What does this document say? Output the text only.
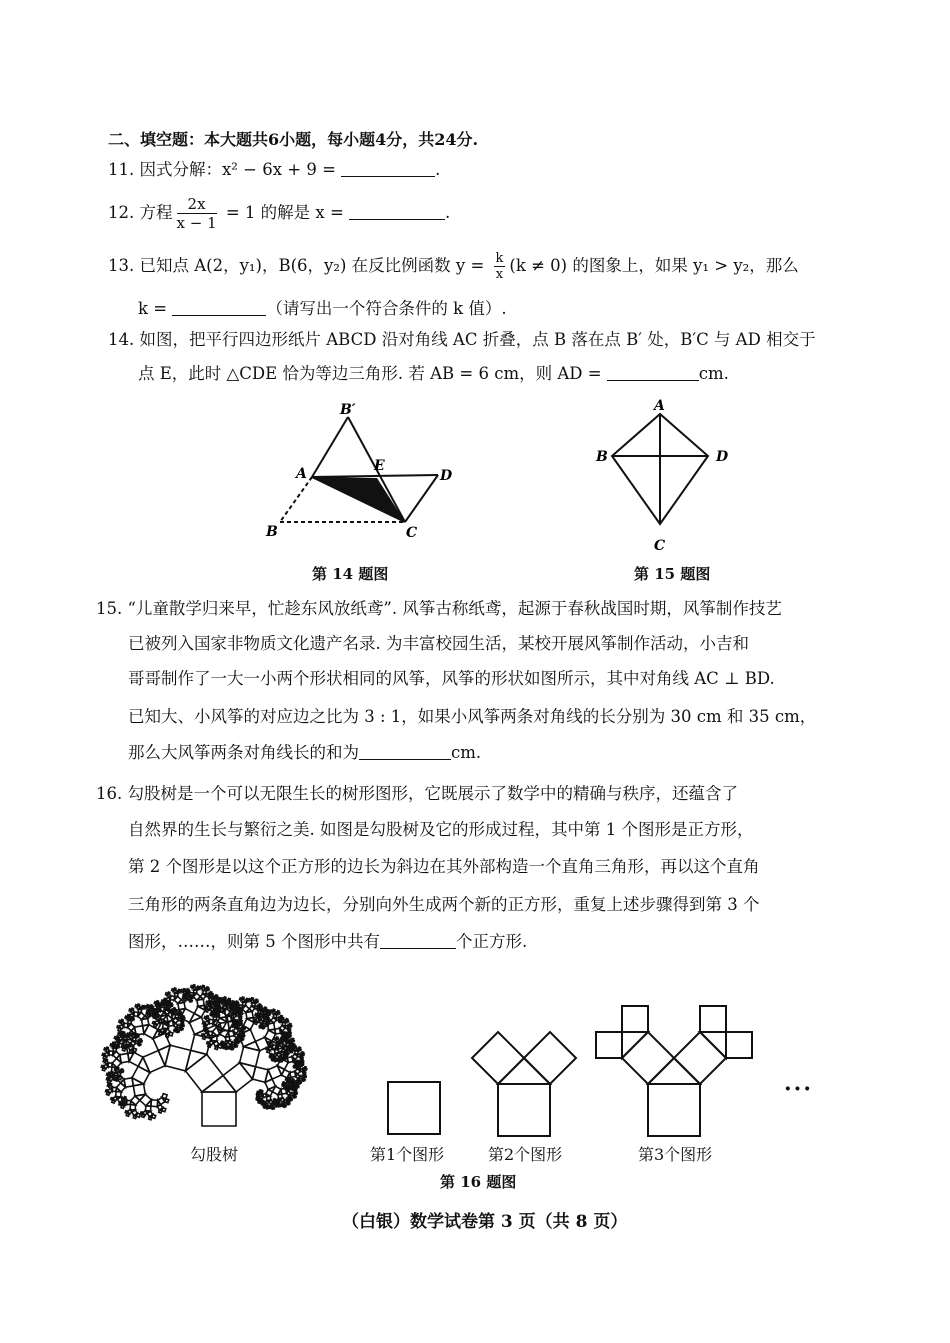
二、填空题：本大题共6小题，每小题4分，共24分.
11. 因式分解：x² − 6x + 9 =	.
12. 方程 $\frac{2x}{x - 1} = 1$ 的解是 x =	.
13. 已知点 A(2，y₁)，B(6，y₂) 在反比例函数 $y = \frac{k}{x} (k \ne 0)$ 的图象上，如果 y₁ > y₂，那么
k =	（请写出一个符合条件的 k 值）.
14. 如图，把平行四边形纸片 ABCD 沿对角线 AC 折叠，点 B 落在点 B′ 处，B′C 与 AD 相交于
点 E，此时 △CDE 恰为等边三角形. 若 AB = 6 cm，则 AD =	cm.
B′
A	E
D
B	C
第 14 题图
A
B	D
C
第 15 题图
15. “儿童散学归来早，忙趁东风放纸鸢”. 风筝古称纸鸢，起源于春秋战国时期，风筝制作技艺
已被列入国家非物质文化遗产名录. 为丰富校园生活，某校开展风筝制作活动，小吉和
哥哥制作了一大一小两个形状相同的风筝，风筝的形状如图所示，其中对角线 AC ⊥ BD.
已知大、小风筝的对应边之比为 3 : 1，如果小风筝两条对角线的长分别为 30 cm 和 35 cm，
那么大风筝两条对角线长的和为	cm.
16. 勾股树是一个可以无限生长的树形图形，它既展示了数学中的精确与秩序，还蕴含了
自然界的生长与繁衍之美. 如图是勾股树及它的形成过程，其中第 1 个图形是正方形，
第 2 个图形是以这个正方形的边长为斜边在其外部构造一个直角三角形，再以这个直角
三角形的两条直角边为边长，分别向外生成两个新的正方形，重复上述步骤得到第 3 个
图形，……，则第 5 个图形中共有	个正方形.
···
勾股树	第1个图形	第2个图形	第3个图形
第 16 题图
（白银）数学试卷第 3 页（共 8 页）
